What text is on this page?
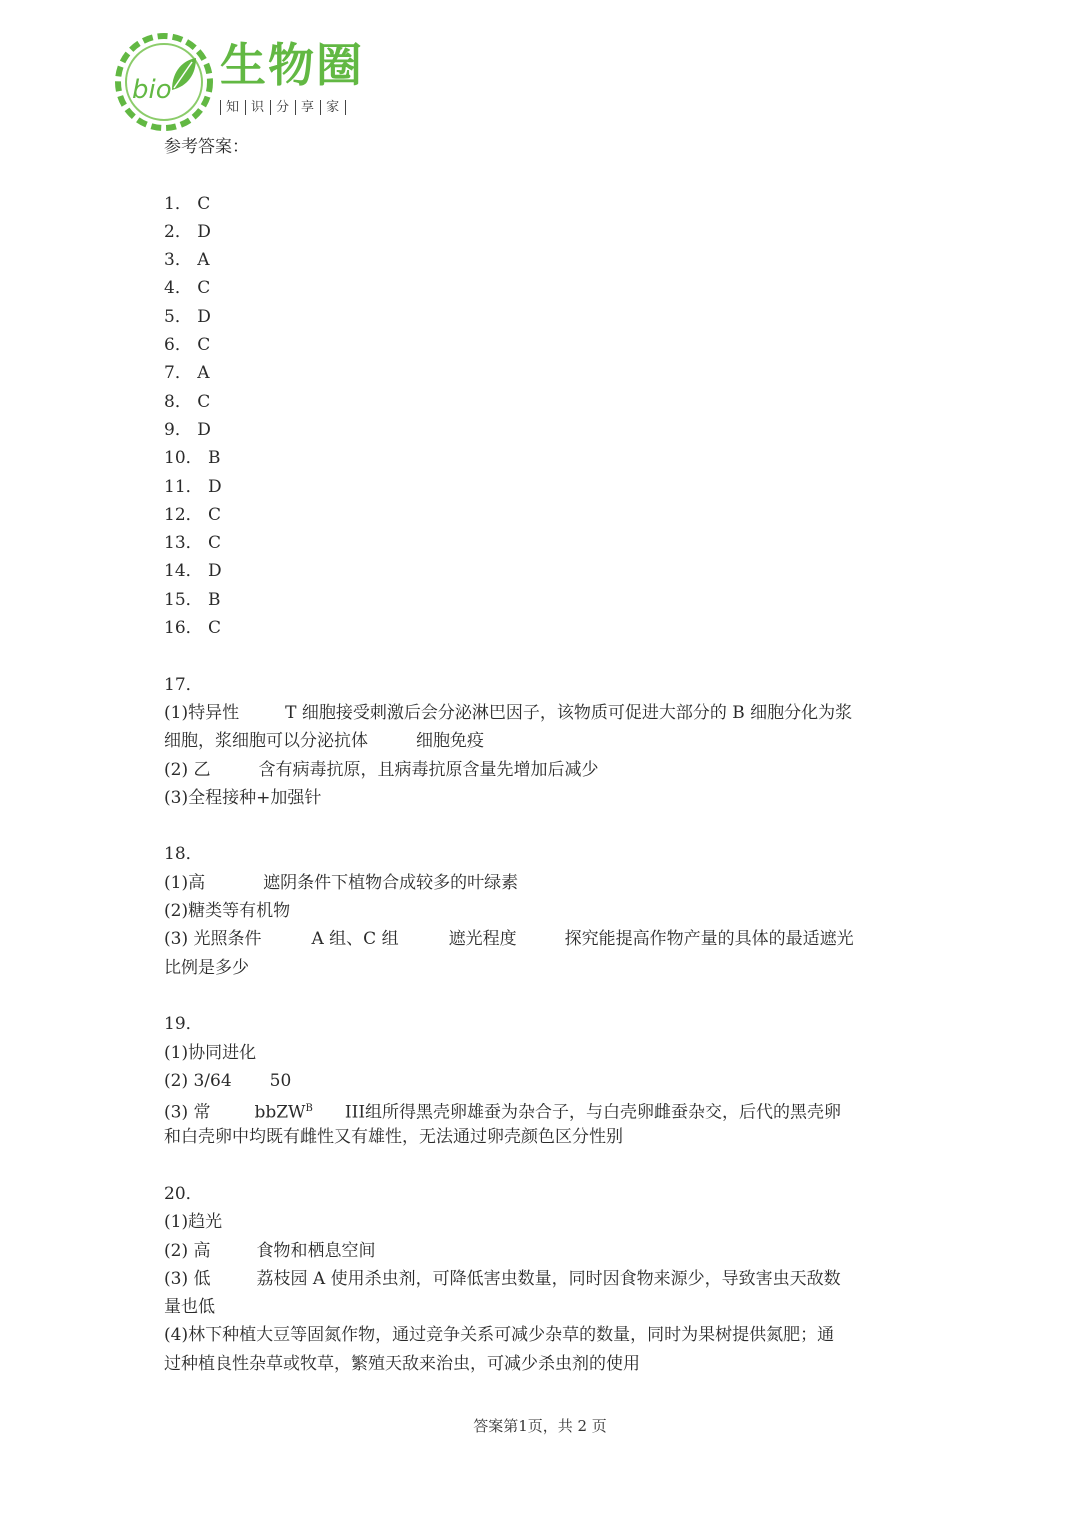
bio 生物圈
知 识 分 享 家
参考答案：
1． C
2． D
3． A
4． C
5． D
6． C
7． A
8． C
9． D
10． B
11． D
12． C
13． C
14． D
15． B
16． C
17．
(1)特异性	T 细胞接受刺激后会分泌淋巴因子，该物质可促进大部分的 B 细胞分化为浆
细胞，浆细胞可以分泌抗体	细胞免疫
(2) 乙	含有病毒抗原，且病毒抗原含量先增加后减少
(3)全程接种+加强针
18．
(1)高	遮阴条件下植物合成较多的叶绿素
(2)糖类等有机物
(3) 光照条件	A 组、C 组	遮光程度	探究能提高作物产量的具体的最适遮光
比例是多少
19．
(1)协同进化
(2) 3/64 50
(3) 常	bbZW$^B$ III组所得黑壳卵雄蚕为杂合子，与白壳卵雌蚕杂交，后代的黑壳卵
和白壳卵中均既有雌性又有雄性，无法通过卵壳颜色区分性别
20．
(1)趋光
(2) 高	食物和栖息空间
(3) 低	荔枝园 A 使用杀虫剂，可降低害虫数量，同时因食物来源少，导致害虫天敌数
量也低
(4)林下种植大豆等固氮作物，通过竞争关系可减少杂草的数量，同时为果树提供氮肥；通
过种植良性杂草或牧草，繁殖天敌来治虫，可减少杀虫剂的使用
答案第1页，共 2 页
